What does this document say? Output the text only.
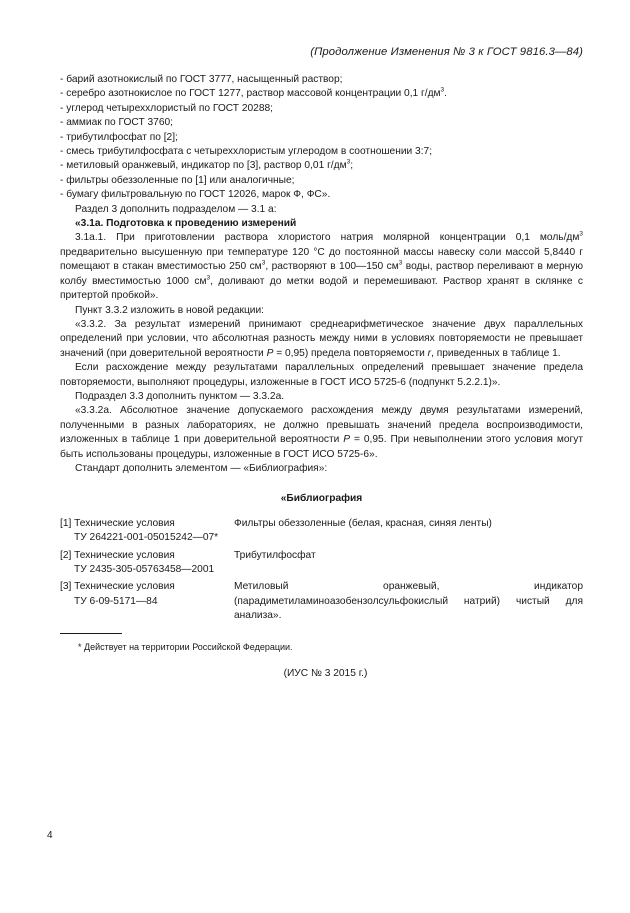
(Продолжение Изменения № 3 к ГОСТ 9816.3—84)

- барий азотнокислый по ГОСТ 3777, насыщенный раствор;

- серебро азотнокислое по ГОСТ 1277, раствор массовой концентрации 0,1 $г/дм^3$.

- углерод четыреххлористый по ГОСТ 20288;

- аммиак по ГОСТ 3760;

- трибутилфосфат по [2];

- смесь трибутилфосфата с четыреххлористым углеродом в соотношении 3:7;

- метиловый оранжевый, индикатор по [3], раствор 0,01 $г/дм^3$;

- фильтры обеззоленные по [1] или аналогичные;

- бумагу фильтровальную по ГОСТ 12026, марок Ф, ФС».

Раздел 3 дополнить подразделом — 3.1 а:

«3.1а. Подготовка к проведению измерений

3.1а.1. При приготовлении раствора хлористого натрия молярной концентрации 0,1 моль/$дм^3$ предварительно высушенную при температуре 120 °С до постоянной массы навеску соли массой 5,8440 г помещают в стакан вместимостью 250 $см^3$, растворяют в 100—150 $см^3$ воды, раствор переливают в мерную колбу вместимостью 1000 $см^3$, доливают до метки водой и перемешивают. Раствор хранят в склянке с притертой пробкой».

Пункт 3.3.2 изложить в новой редакции:

«3.3.2. За результат измерений принимают среднеарифметическое значение двух параллельных определений при условии, что абсолютная разность между ними в условиях повторяемости не превышает значений (при доверительной вероятности Р = 0,95) предела повторяемости r, приведенных в таблице 1.

Если расхождение между результатами параллельных определений превышает значение предела повторяемости, выполняют процедуры, изложенные в ГОСТ ИСО 5725-6 (подпункт 5.2.2.1)».

Подраздел 3.3 дополнить пунктом — 3.3.2а.

«3.3.2а. Абсолютное значение допускаемого расхождения между двумя результатами измерений, полученными в разных лабораториях, не должно превышать значений предела воспроизводимости, изложенных в таблице 1 при доверительной вероятности Р = 0,95. При невыполнении этого условия могут быть использованы процедуры, изложенные в ГОСТ ИСО 5725-6».

Стандарт дополнить элементом — «Библиография»:

«Библиография

[1] Технические условия
ТУ 264221-001-05015242—07*
Фильтры обеззоленные (белая, красная, синяя ленты)
[2] Технические условия
ТУ 2435-305-05763458—2001
Трибутилфосфат
[3] Технические условия
ТУ 6-09-5171—84
Метиловый оранжевый, индикатор (парадиметиламиноазобензолсульфокислый натрий) чистый для анализа».
* Действует на территории Российской Федерации.
(ИУС № 3 2015 г.)
4
